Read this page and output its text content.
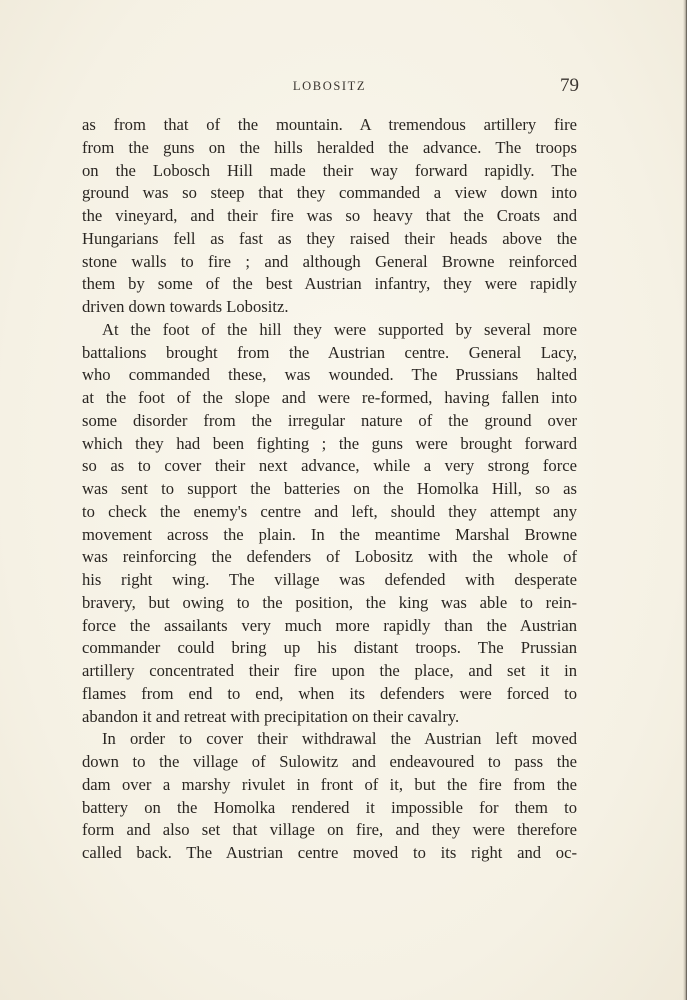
LOBOSITZ	79
as from that of the mountain. A tremendous artillery fire
from the guns on the hills heralded the advance. The troops
on the Lobosch Hill made their way forward rapidly. The
ground was so steep that they commanded a view down into
the vineyard, and their fire was so heavy that the Croats and
Hungarians fell as fast as they raised their heads above the
stone walls to fire ; and although General Browne reinforced
them by some of the best Austrian infantry, they were rapidly
driven down towards Lobositz.
At the foot of the hill they were supported by several more
battalions brought from the Austrian centre. General Lacy,
who commanded these, was wounded. The Prussians halted
at the foot of the slope and were re-formed, having fallen into
some disorder from the irregular nature of the ground over
which they had been fighting ; the guns were brought forward
so as to cover their next advance, while a very strong force
was sent to support the batteries on the Homolka Hill, so as
to check the enemy's centre and left, should they attempt any
movement across the plain. In the meantime Marshal Browne
was reinforcing the defenders of Lobositz with the whole of
his right wing. The village was defended with desperate
bravery, but owing to the position, the king was able to rein-
force the assailants very much more rapidly than the Austrian
commander could bring up his distant troops. The Prussian
artillery concentrated their fire upon the place, and set it in
flames from end to end, when its defenders were forced to
abandon it and retreat with precipitation on their cavalry.
In order to cover their withdrawal the Austrian left moved
down to the village of Sulowitz and endeavoured to pass the
dam over a marshy rivulet in front of it, but the fire from the
battery on the Homolka rendered it impossible for them to
form and also set that village on fire, and they were therefore
called back. The Austrian centre moved to its right and oc-
